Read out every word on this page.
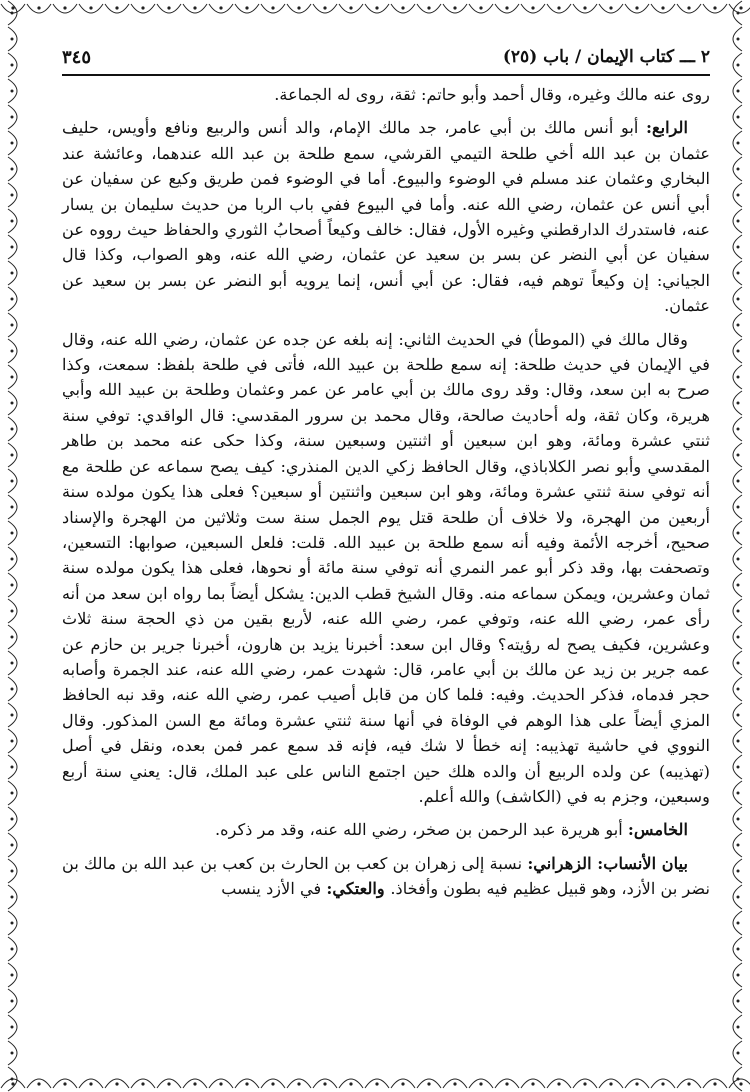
٢ ـــ كتاب الإيمان / باب (٢٥)
٣٤٥

روى عنه مالك وغيره، وقال أحمد وأبو حاتم: ثقة، روى له الجماعة.

الرابع: أبو أنس مالك بن أبي عامر، جد مالك الإمام، والد أنس والربيع ونافع وأويس، حليف عثمان بن عبد الله أخي طلحة التيمي القرشي، سمع طلحة بن عبد الله عندهما، وعائشة عند البخاري وعثمان عند مسلم في الوضوء والبيوع. أما في الوضوء فمن طريق وكيع عن سفيان عن أبي أنس عن عثمان، رضي الله عنه. وأما في البيوع ففي باب الربا من حديث سليمان بن يسار عنه، فاستدرك الدارقطني وغيره الأول، فقال: خالف وكيعاً أصحابُ الثوري والحفاظ حيث رووه عن سفيان عن أبي النضر عن بسر بن سعيد عن عثمان، رضي الله عنه، وهو الصواب، وكذا قال الجياني: إن وكيعاً توهم فيه، فقال: عن أبي أنس، إنما يرويه أبو النضر عن بسر بن سعيد عن عثمان.

وقال مالك في (الموطأ) في الحديث الثاني: إنه بلغه عن جده عن عثمان، رضي الله عنه، وقال في الإيمان في حديث طلحة: إنه سمع طلحة بن عبيد الله، فأتى في طلحة بلفظ: سمعت، وكذا صرح به ابن سعد، وقال: وقد روى مالك بن أبي عامر عن عمر وعثمان وطلحة بن عبيد الله وأبي هريرة، وكان ثقة، وله أحاديث صالحة، وقال محمد بن سرور المقدسي: قال الواقدي: توفي سنة ثنتي عشرة ومائة، وهو ابن سبعين أو اثنتين وسبعين سنة، وكذا حكى عنه محمد بن طاهر المقدسي وأبو نصر الكلاباذي، وقال الحافظ زكي الدين المنذري: كيف يصح سماعه عن طلحة مع أنه توفي سنة ثنتي عشرة ومائة، وهو ابن سبعين واثنتين أو سبعين؟ فعلى هذا يكون مولده سنة أربعين من الهجرة، ولا خلاف أن طلحة قتل يوم الجمل سنة ست وثلاثين من الهجرة والإسناد صحيح، أخرجه الأئمة وفيه أنه سمع طلحة بن عبيد الله. قلت: فلعل السبعين، صوابها: التسعين، وتصحفت بها، وقد ذكر أبو عمر النمري أنه توفي سنة مائة أو نحوها، فعلى هذا يكون مولده سنة ثمان وعشرين، ويمكن سماعه منه. وقال الشيخ قطب الدين: يشكل أيضاً بما رواه ابن سعد من أنه رأى عمر، رضي الله عنه، وتوفي عمر، رضي الله عنه، لأربع بقين من ذي الحجة سنة ثلاث وعشرين، فكيف يصح له رؤيته؟ وقال ابن سعد: أخبرنا يزيد بن هارون، أخبرنا جرير بن حازم عن عمه جرير بن زيد عن مالك بن أبي عامر، قال: شهدت عمر، رضي الله عنه، عند الجمرة وأصابه حجر فدماه، فذكر الحديث. وفيه: فلما كان من قابل أصيب عمر، رضي الله عنه، وقد نبه الحافظ المزي أيضاً على هذا الوهم في الوفاة في أنها سنة ثنتي عشرة ومائة مع السن المذكور. وقال النووي في حاشية تهذيبه: إنه خطأ لا شك فيه، فإنه قد سمع عمر فمن بعده، ونقل في أصل (تهذيبه) عن ولده الربيع أن والده هلك حين اجتمع الناس على عبد الملك، قال: يعني سنة أربع وسبعين، وجزم به في (الكاشف) والله أعلم.

الخامس: أبو هريرة عبد الرحمن بن صخر، رضي الله عنه، وقد مر ذكره.

بيان الأنساب: الزهراني: نسبة إلى زهران بن كعب بن الحارث بن كعب بن عبد الله بن مالك بن نضر بن الأزد، وهو قبيل عظيم فيه بطون وأفخاذ. والعتكي: في الأزد ينسب
